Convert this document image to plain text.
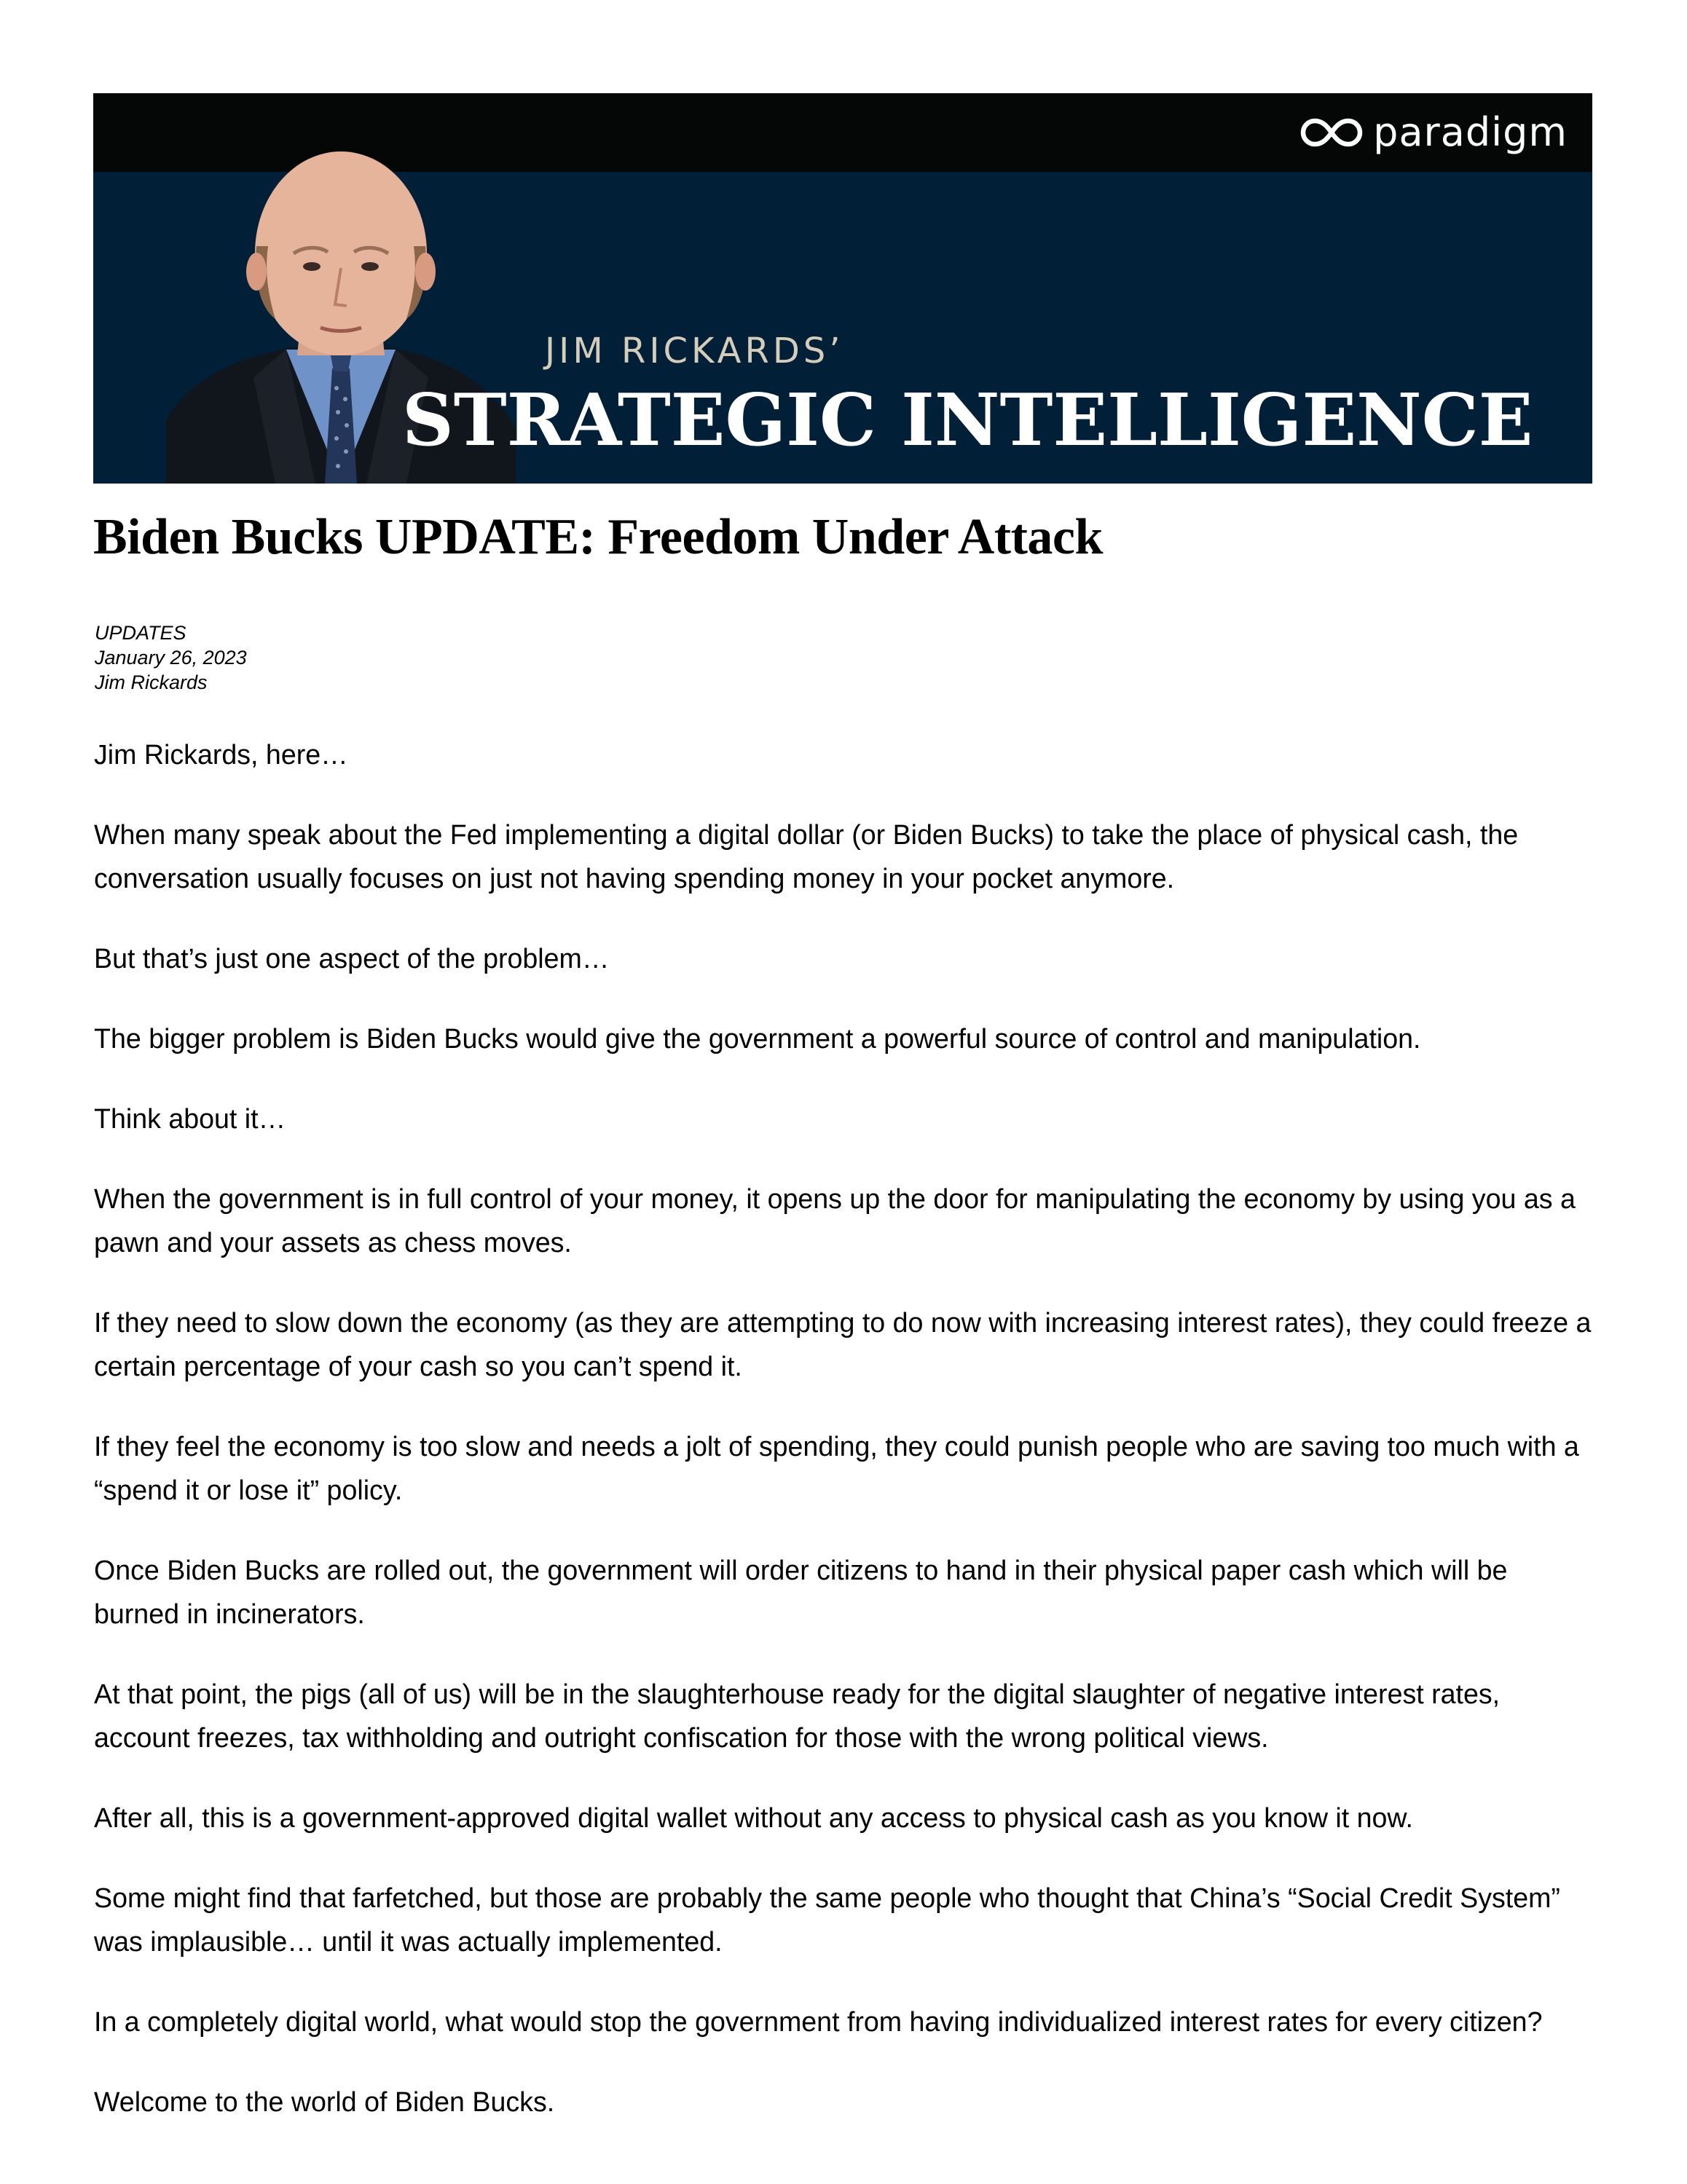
paradigm
JIM RICKARDS’
STRATEGIC INTELLIGENCE
Biden Bucks UPDATE: Freedom Under Attack
UPDATES
January 26, 2023
Jim Rickards

Jim Rickards, here…

When many speak about the Fed implementing a digital dollar (or Biden Bucks) to take the place of physical cash, the conversation usually focuses on just not having spending money in your pocket anymore.

But that’s just one aspect of the problem…

The bigger problem is Biden Bucks would give the government a powerful source of control and manipulation.

Think about it…

When the government is in full control of your money, it opens up the door for manipulating the economy by using you as a pawn and your assets as chess moves.

If they need to slow down the economy (as they are attempting to do now with increasing interest rates), they could freeze a certain percentage of your cash so you can’t spend it.

If they feel the economy is too slow and needs a jolt of spending, they could punish people who are saving too much with a “spend it or lose it” policy.

Once Biden Bucks are rolled out, the government will order citizens to hand in their physical paper cash which will be burned in incinerators.

At that point, the pigs (all of us) will be in the slaughterhouse ready for the digital slaughter of negative interest rates, account freezes, tax withholding and outright confiscation for those with the wrong political views.

After all, this is a government-approved digital wallet without any access to physical cash as you know it now.

Some might find that farfetched, but those are probably the same people who thought that China’s “Social Credit System” was implausible… until it was actually implemented.

In a completely digital world, what would stop the government from having individualized interest rates for every citizen?

Welcome to the world of Biden Bucks.
